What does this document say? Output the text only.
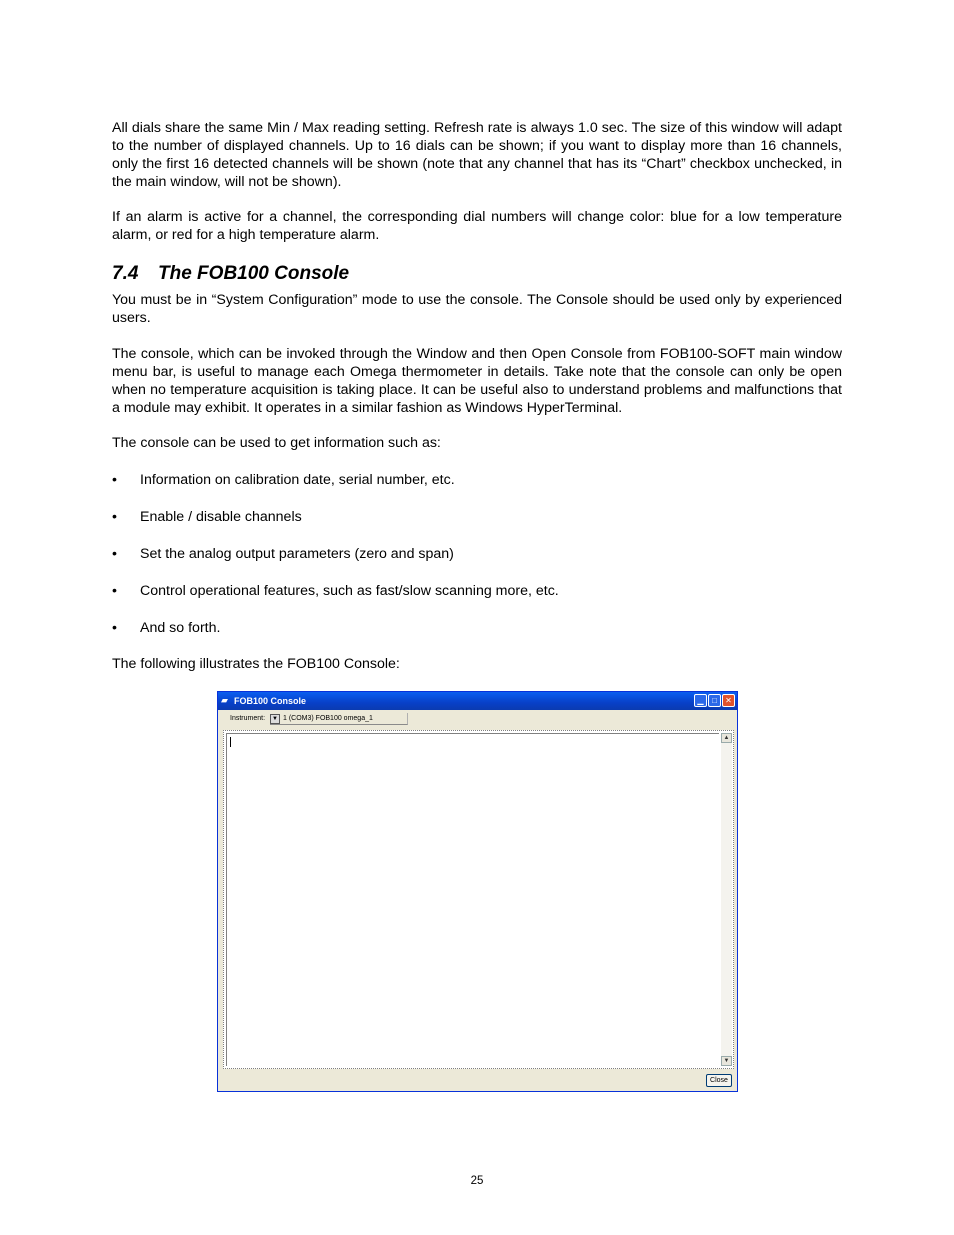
All dials share the same Min / Max reading setting. Refresh rate is always 1.0 sec. The size of this window will adapt to the number of displayed channels. Up to 16 dials can be shown; if you want to display more than 16 channels, only the first 16 detected channels will be shown (note that any channel that has its “Chart” checkbox unchecked, in the main window, will not be shown).

If an alarm is active for a channel, the corresponding dial numbers will change color: blue for a low temperature alarm, or red for a high temperature alarm.

7.4 The FOB100 Console

You must be in “System Configuration” mode to use the console. The Console should be used only by experienced users.

The console, which can be invoked through the Window and then Open Console from FOB100-SOFT main window menu bar, is useful to manage each Omega thermometer in details. Take note that the console can only be open when no temperature acquisition is taking place. It can be useful also to understand problems and malfunctions that a module may exhibit. It operates in a similar fashion as Windows HyperTerminal.

The console can be used to get information such as:

• Information on calibration date, serial number, etc.
• Enable / disable channels
• Set the analog output parameters (zero and span)
• Control operational features, such as fast/slow scanning more, etc.
• And so forth.

The following illustrates the FOB100 Console:

▰ FOB100 Console	▁	□	✕
Instrument:	▼ 1 (COM3) FOB100 omega_1
▲
▼
Close
25
